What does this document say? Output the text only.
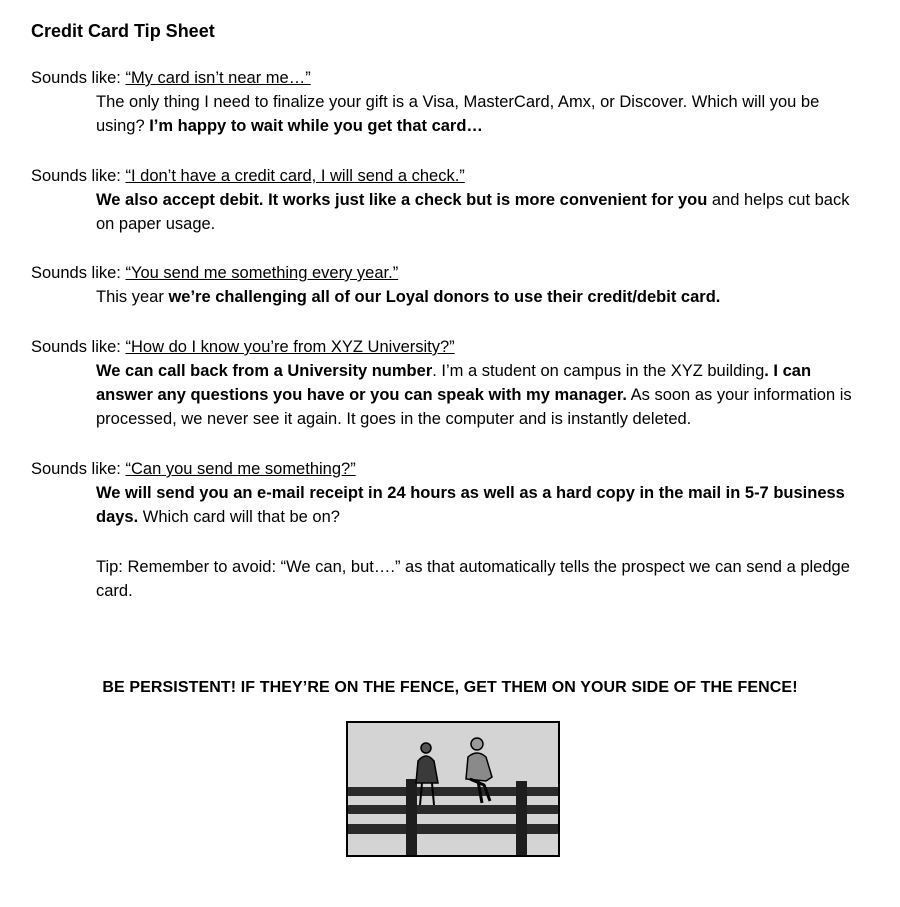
Credit Card Tip Sheet
Sounds like: “My card isn’t near me…”
The only thing I need to finalize your gift is a Visa, MasterCard, Amx, or Discover. Which will you be using? I’m happy to wait while you get that card…
Sounds like: “I don’t have a credit card, I will send a check.”
We also accept debit. It works just like a check but is more convenient for you and helps cut back on paper usage.
Sounds like: “You send me something every year.”
This year we’re challenging all of our Loyal donors to use their credit/debit card.
Sounds like: “How do I know you’re from XYZ University?”
We can call back from a University number. I’m a student on campus in the XYZ building. I can answer any questions you have or you can speak with my manager. As soon as your information is processed, we never see it again. It goes in the computer and is instantly deleted.
Sounds like: “Can you send me something?”
We will send you an e-mail receipt in 24 hours as well as a hard copy in the mail in 5-7 business days. Which card will that be on?
Tip: Remember to avoid: “We can, but….” as that automatically tells the prospect we can send a pledge card.
BE PERSISTENT! IF THEY’RE ON THE FENCE, GET THEM ON YOUR SIDE OF THE FENCE!
